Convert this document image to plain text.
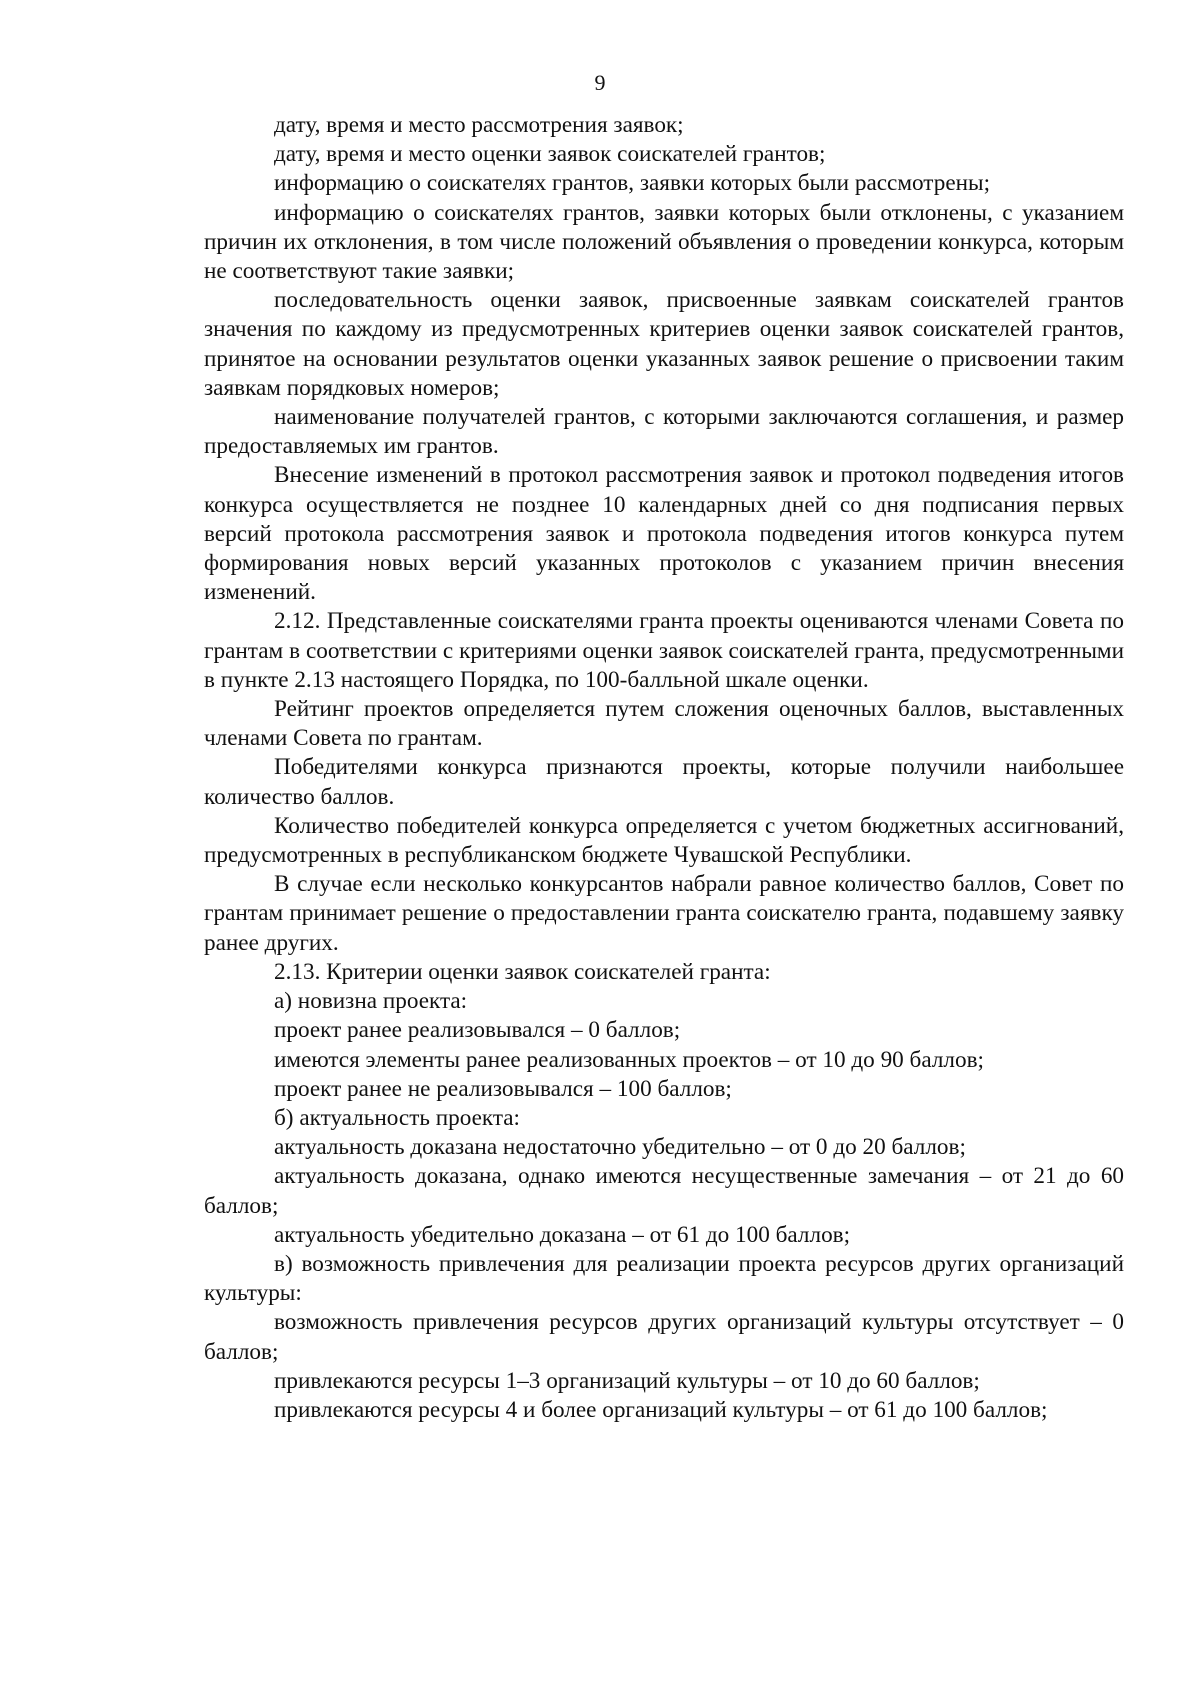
9

дату, время и место рассмотрения заявок;

дату, время и место оценки заявок соискателей грантов;

информацию о соискателях грантов, заявки которых были рассмотрены;

информацию о соискателях грантов, заявки которых были отклонены, с указанием причин их отклонения, в том числе положений объявления о проведении конкурса, которым не соответствуют такие заявки;

последовательность оценки заявок, присвоенные заявкам соискателей грантов значения по каждому из предусмотренных критериев оценки заявок соискателей грантов, принятое на основании результатов оценки указанных заявок решение о присвоении таким заявкам порядковых номеров;

наименование получателей грантов, с которыми заключаются соглашения, и размер предоставляемых им грантов.

Внесение изменений в протокол рассмотрения заявок и протокол подведения итогов конкурса осуществляется не позднее 10 календарных дней со дня подписания первых версий протокола рассмотрения заявок и протокола подведения итогов конкурса путем формирования новых версий указанных протоколов с указанием причин внесения изменений.

2.12. Представленные соискателями гранта проекты оцениваются членами Совета по грантам в соответствии с критериями оценки заявок соискателей гранта, предусмотренными в пункте 2.13 настоящего Порядка, по 100-балльной шкале оценки.

Рейтинг проектов определяется путем сложения оценочных баллов, выставленных членами Совета по грантам.

Победителями конкурса признаются проекты, которые получили наибольшее количество баллов.

Количество победителей конкурса определяется с учетом бюджетных ассигнований, предусмотренных в республиканском бюджете Чувашской Республики.

В случае если несколько конкурсантов набрали равное количество баллов, Совет по грантам принимает решение о предоставлении гранта соискателю гранта, подавшему заявку ранее других.

2.13. Критерии оценки заявок соискателей гранта:

а) новизна проекта:

проект ранее реализовывался – 0 баллов;

имеются элементы ранее реализованных проектов – от 10 до 90 баллов;

проект ранее не реализовывался – 100 баллов;

б) актуальность проекта:

актуальность доказана недостаточно убедительно – от 0 до 20 баллов;

актуальность доказана, однако имеются несущественные замечания – от 21 до 60 баллов;

актуальность убедительно доказана – от 61 до 100 баллов;

в) возможность привлечения для реализации проекта ресурсов других организаций культуры:

возможность привлечения ресурсов других организаций культуры отсутствует – 0 баллов;

привлекаются ресурсы 1–3 организаций культуры – от 10 до 60 баллов;

привлекаются ресурсы 4 и более организаций культуры – от 61 до 100 баллов;
